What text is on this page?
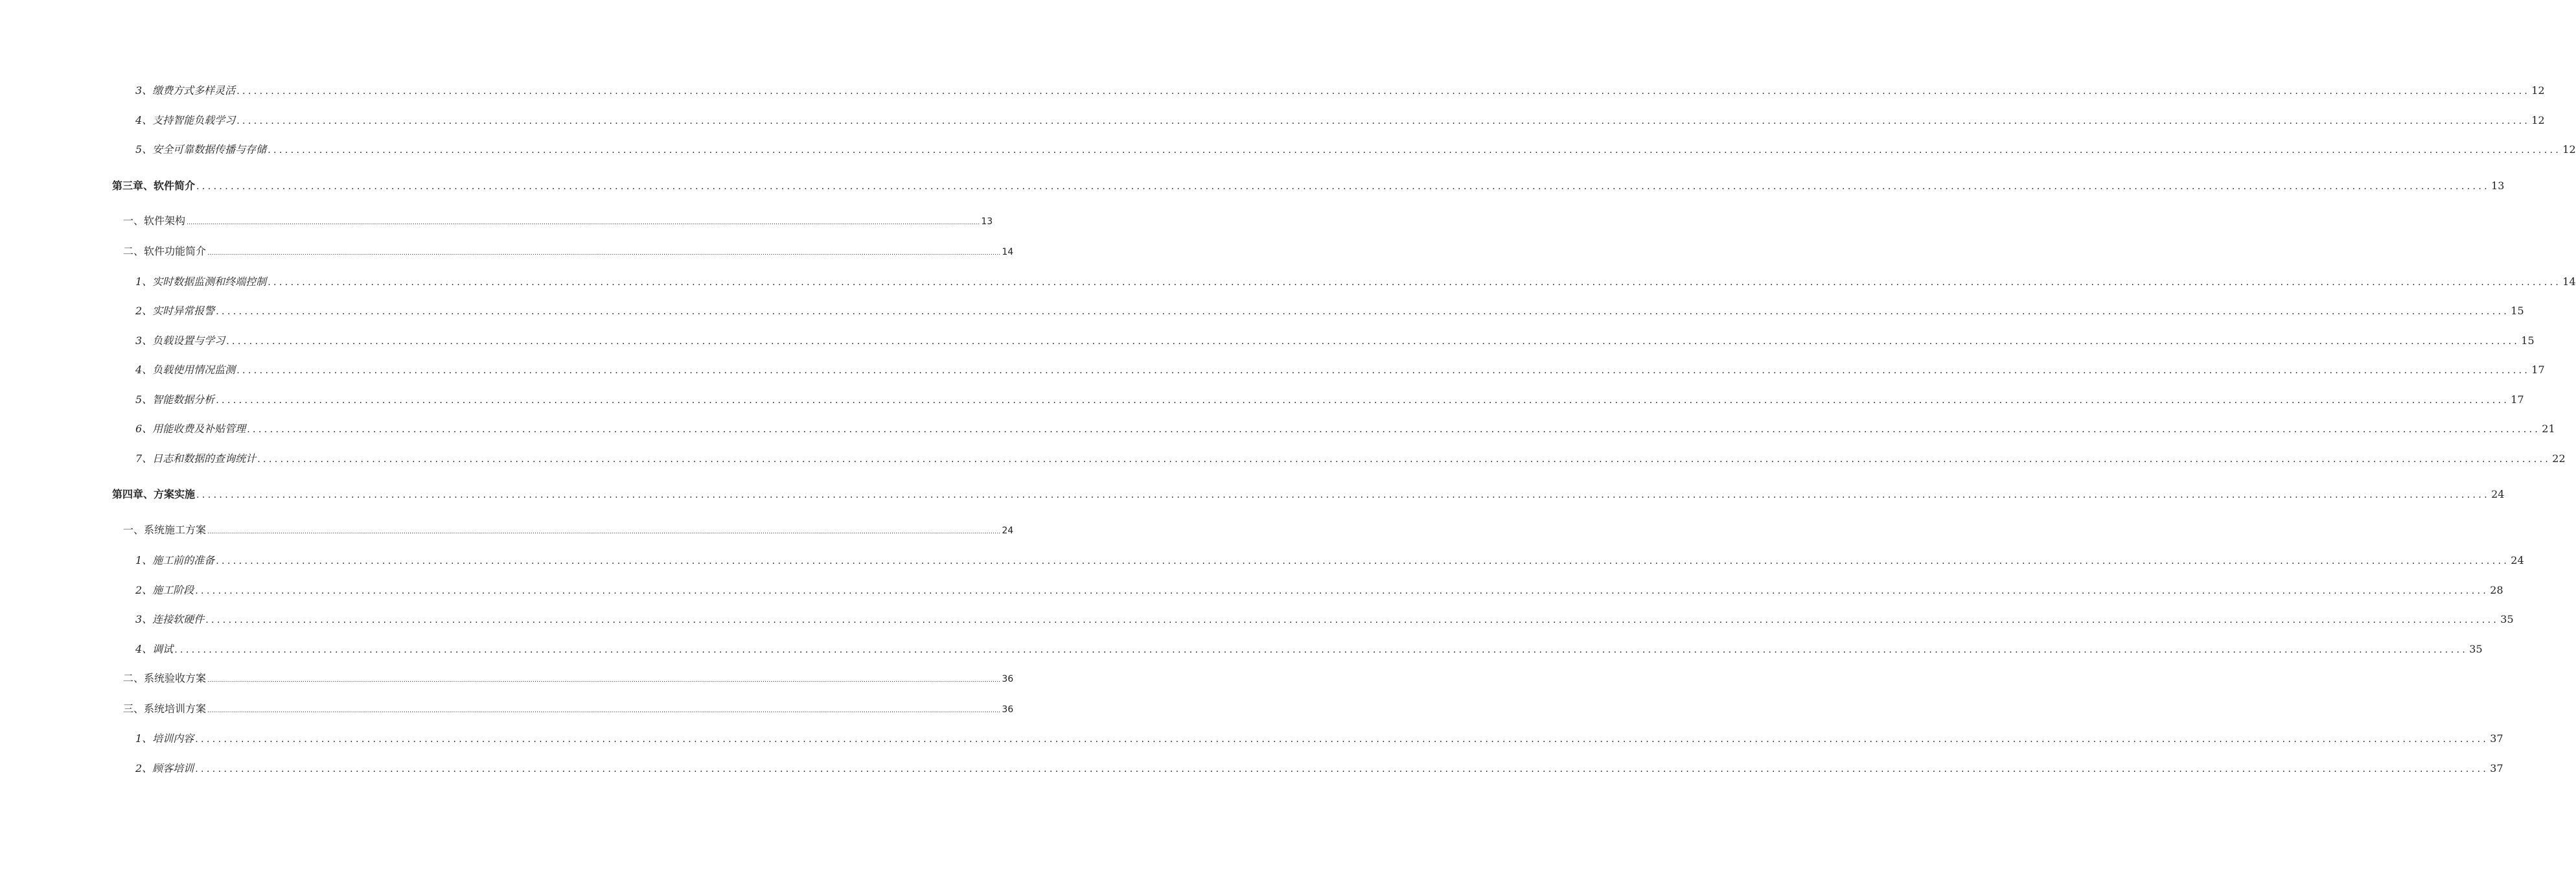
3、缴费方式多样灵活 ................................................................................................................................................................................................................................................................................................................................................................................................................ 12
4、支持智能负载学习 ................................................................................................................................................................................................................................................................................................................................................................................................................ 12
5、安全可靠数据传播与存储 ................................................................................................................................................................................................................................................................................................................................................................................................................ 12
第三章、软件简介 ................................................................................................................................................................................................................................................................................................................................................................................................................ 13
一、软件架构 ................................................................................................................................................................................................................................................................................................................................................................................................................ 13
二、软件功能简介 ................................................................................................................................................................................................................................................................................................................................................................................................................ 14
1、实时数据监测和终端控制 ................................................................................................................................................................................................................................................................................................................................................................................................................ 14
2、实时异常报警 ................................................................................................................................................................................................................................................................................................................................................................................................................ 15
3、负载设置与学习 ................................................................................................................................................................................................................................................................................................................................................................................................................ 15
4、负载使用情况监测 ................................................................................................................................................................................................................................................................................................................................................................................................................ 17
5、智能数据分析 ................................................................................................................................................................................................................................................................................................................................................................................................................ 17
6、用能收费及补贴管理 ................................................................................................................................................................................................................................................................................................................................................................................................................ 21
7、日志和数据的查询统计 ................................................................................................................................................................................................................................................................................................................................................................................................................ 22
第四章、方案实施 ................................................................................................................................................................................................................................................................................................................................................................................................................ 24
一、系统施工方案 ................................................................................................................................................................................................................................................................................................................................................................................................................ 24
1、施工前的准备 ................................................................................................................................................................................................................................................................................................................................................................................................................ 24
2、施工阶段 ................................................................................................................................................................................................................................................................................................................................................................................................................ 28
3、连接软硬件 ................................................................................................................................................................................................................................................................................................................................................................................................................ 35
4、调试 ................................................................................................................................................................................................................................................................................................................................................................................................................ 35
二、系统验收方案 ................................................................................................................................................................................................................................................................................................................................................................................................................ 36
三、系统培训方案 ................................................................................................................................................................................................................................................................................................................................................................................................................ 36
1、培训内容 ................................................................................................................................................................................................................................................................................................................................................................................................................ 37
2、顾客培训 ................................................................................................................................................................................................................................................................................................................................................................................................................ 37
